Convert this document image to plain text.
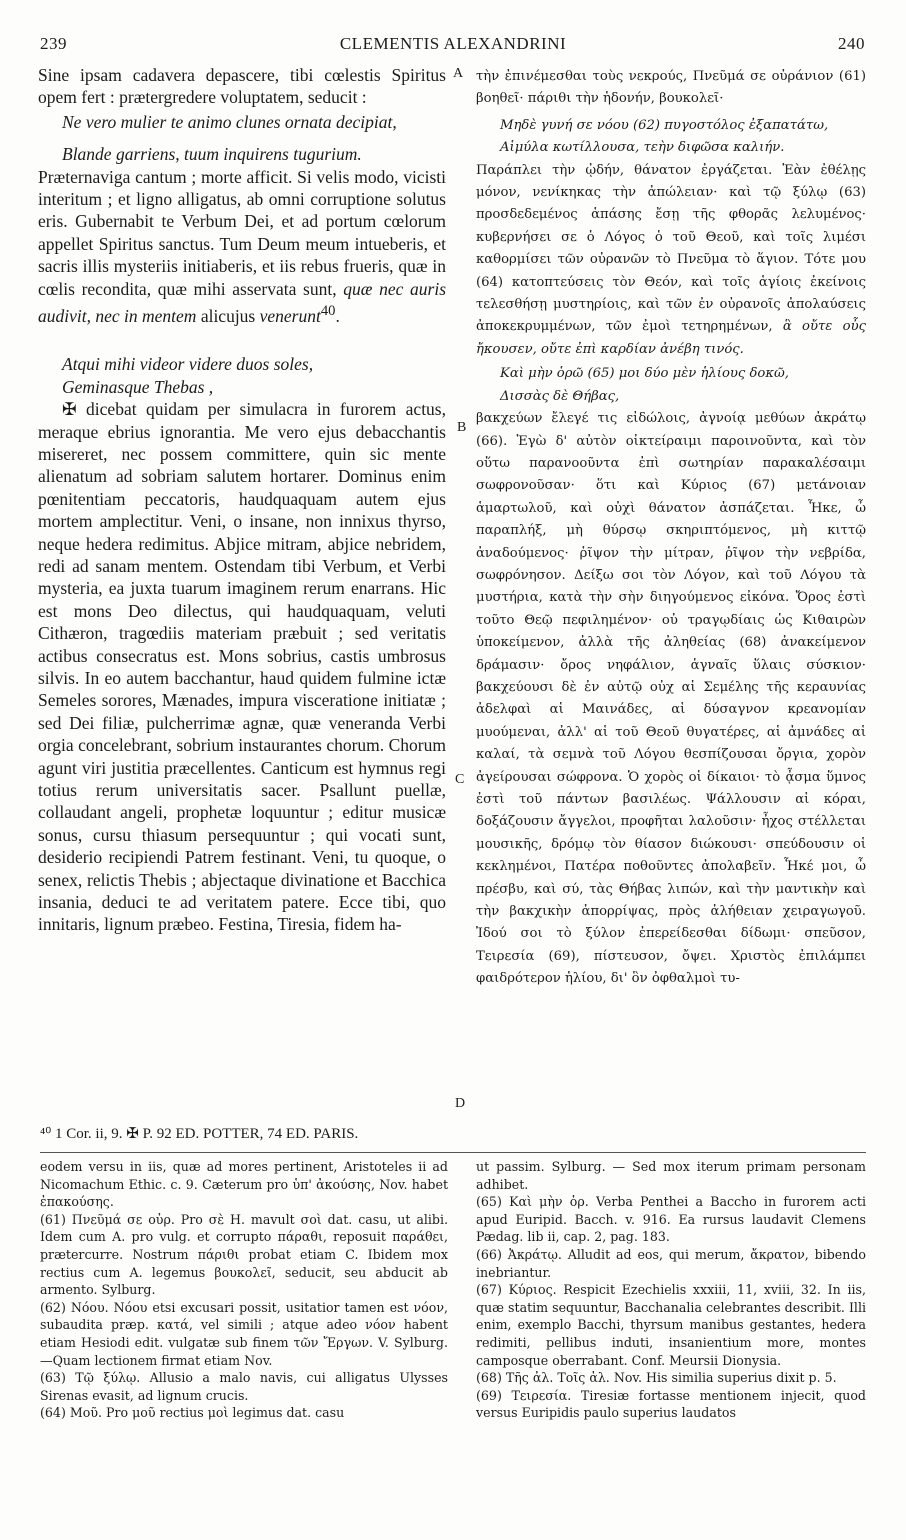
239	CLEMENTIS ALEXANDRINI	240

Sine ipsam cadavera depascere, tibi cœlestis Spiritus opem fert : prætergredere voluptatem, seducit :

Ne vero mulier te animo clunes ornata decipiat,

Blande garriens, tuum inquirens tugurium.

Præternaviga cantum ; morte afficit. Si velis modo, vicisti interitum ; et ligno alligatus, ab omni corruptione solutus eris. Gubernabit te Verbum Dei, et ad portum cœlorum appellet Spiritus sanctus. Tum Deum meum intueberis, et sacris illis mysteriis initiaberis, et iis rebus frueris, quæ in cœlis recondita, quæ mihi asservata sunt, quæ nec auris audivit, nec in mentem alicujus venerunt$^{40}$.

Atqui mihi videor videre duos soles,

Geminasque Thebas ,

✠ dicebat quidam per simulacra in furorem actus, meraque ebrius ignorantia. Me vero ejus debacchantis misereret, nec possem committere, quin sic mente alienatum ad sobriam salutem hortarer. Dominus enim pœnitentiam peccatoris, haudquaquam autem ejus mortem amplectitur. Veni, o insane, non innixus thyrso, neque hedera redimitus. Abjice mitram, abjice nebridem, redi ad sanam mentem. Ostendam tibi Verbum, et Verbi mysteria, ea juxta tuarum imaginem rerum enarrans. Hic est mons Deo dilectus, qui haudquaquam, veluti Cithæron, tragœdiis materiam præbuit ; sed veritatis actibus consecratus est. Mons sobrius, castis umbrosus silvis. In eo autem bacchantur, haud quidem fulmine ictæ Semeles sorores, Mænades, impura visceratione initiatæ ; sed Dei filiæ, pulcherrimæ agnæ, quæ veneranda Verbi orgia concelebrant, sobrium instaurantes chorum. Chorum agunt viri justitia præcellentes. Canticum est hymnus regi totius rerum universitatis sacer. Psallunt puellæ, collaudant angeli, prophetæ loquuntur ; editur musicæ sonus, cursu thiasum persequuntur ; qui vocati sunt, desiderio recipiendi Patrem festinant. Veni, tu quoque, o senex, relictis Thebis ; abjectaque divinatione et Bacchica insania, deduci te ad veritatem patere. Ecce tibi, quo innitaris, lignum præbeo. Festina, Tiresia, fidem ha-

τὴν ἐπινέμεσθαι τοὺς νεκρούς, Πνεῦμά σε οὐράνιον (61) βοηθεῖ· πάριθι τὴν ἡδονήν, βουκολεῖ·

Μηδὲ γυνή σε νόου (62) πυγοστόλος ἐξαπατάτω,

Αἱμύλα κωτίλλουσα, τεὴν διφῶσα καλιήν.

Παράπλει τὴν ᾠδήν, θάνατον ἐργάζεται. Ἐὰν ἐθέλῃς μόνον, νενίκηκας τὴν ἀπώλειαν· καὶ τῷ ξύλῳ (63) προσδεδεμένος ἁπάσης ἔσῃ τῆς φθορᾶς λελυμένος· κυβερνήσει σε ὁ Λόγος ὁ τοῦ Θεοῦ, καὶ τοῖς λιμέσι καθορμίσει τῶν οὐρανῶν τὸ Πνεῦμα τὸ ἅγιον. Τότε μου (64) κατοπτεύσεις τὸν Θεόν, καὶ τοῖς ἁγίοις ἐκείνοις τελεσθήσῃ μυστηρίοις, καὶ τῶν ἐν οὐρανοῖς ἀπολαύσεις ἀποκεκρυμμένων, τῶν ἐμοὶ τετηρημένων, ἃ οὔτε οὖς ἤκουσεν, οὔτε ἐπὶ καρδίαν ἀνέβη τινός.

Καὶ μὴν ὁρῶ (65) μοι δύο μὲν ἡλίους δοκῶ,

Δισσὰς δὲ Θήβας,

βακχεύων ἔλεγέ τις εἰδώλοις, ἀγνοίᾳ μεθύων ἀκράτῳ (66). Ἐγὼ δ' αὐτὸν οἰκτείραιμι παροινοῦντα, καὶ τὸν οὕτω παρανοοῦντα ἐπὶ σωτηρίαν παρακαλέσαιμι σωφρονοῦσαν· ὅτι καὶ Κύριος (67) μετάνοιαν ἁμαρτωλοῦ, καὶ οὐχὶ θάνατον ἀσπάζεται. Ἧκε, ὦ παραπλήξ, μὴ θύρσῳ σκηριπτόμενος, μὴ κιττῷ ἀναδούμενος· ῥῖψον τὴν μίτραν, ῥῖψον τὴν νεβρίδα, σωφρόνησον. Δείξω σοι τὸν Λόγον, καὶ τοῦ Λόγου τὰ μυστήρια, κατὰ τὴν σὴν διηγούμενος εἰκόνα. Ὄρος ἐστὶ τοῦτο Θεῷ πεφιλημένον· οὐ τραγῳδίαις ὡς Κιθαιρὼν ὑποκείμενον, ἀλλὰ τῆς ἀληθείας (68) ἀνακείμενον δράμασιν· ὄρος νηφάλιον, ἁγναῖς ὕλαις σύσκιον· βακχεύουσι δὲ ἐν αὐτῷ οὐχ αἱ Σεμέλης τῆς κεραυνίας ἀδελφαὶ αἱ Μαινάδες, αἱ δύσαγνον κρεανομίαν μυούμεναι, ἀλλ' αἱ τοῦ Θεοῦ θυγατέρες, αἱ ἀμνάδες αἱ καλαί, τὰ σεμνὰ τοῦ Λόγου θεσπίζουσαι ὄργια, χορὸν ἀγείρουσαι σώφρονα. Ὁ χορὸς οἱ δίκαιοι· τὸ ᾆσμα ὕμνος ἐστὶ τοῦ πάντων βασιλέως. Ψάλλουσιν αἱ κόραι, δοξάζουσιν ἄγγελοι, προφῆται λαλοῦσιν· ἦχος στέλλεται μουσικῆς, δρόμῳ τὸν θίασον διώκουσι· σπεύδουσιν οἱ κεκλημένοι, Πατέρα ποθοῦντες ἀπολαβεῖν. Ἧκέ μοι, ὦ πρέσβυ, καὶ σύ, τὰς Θήβας λιπών, καὶ τὴν μαντικὴν καὶ τὴν βακχικὴν ἀπορρίψας, πρὸς ἀλήθειαν χειραγωγοῦ. Ἰδού σοι τὸ ξύλον ἐπερείδεσθαι δίδωμι· σπεῦσον, Τειρεσία (69), πίστευσον, ὄψει. Χριστὸς ἐπιλάμπει φαιδρότερον ἡλίου, δι' ὃν ὀφθαλμοὶ τυ-

A
B
C
D
⁴⁰ 1 Cor. ii, 9. ✠ P. 92 ED. POTTER, 74 ED. PARIS.

eodem versu in iis, quæ ad mores pertinent, Aristoteles ii ad Nicomachum Ethic. c. 9. Cæterum pro ὑπ' ἀκούσης, Nov. habet ἐπακούσης.

(61) Πνεῦμά σε οὐρ. Pro σὲ H. mavult σοὶ dat. casu, ut alibi. Idem cum A. pro vulg. et corrupto πάραθι, reposuit παράθει, prætercurre. Nostrum πάριθι probat etiam C. Ibidem mox rectius cum A. legemus βουκολεῖ, seducit, seu abducit ab armento. Sylburg.

(62) Νόου. Νόου etsi excusari possit, usitatior tamen est νόον, subaudita præp. κατά, vel simili ; atque adeo νόον habent etiam Hesiodi edit. vulgatæ sub finem τῶν Ἔργων. V. Sylburg.—Quam lectionem firmat etiam Nov.

(63) Τῷ ξύλῳ. Allusio a malo navis, cui alligatus Ulysses Sirenas evasit, ad lignum crucis.

(64) Μοῦ. Pro μοῦ rectius μοὶ legimus dat. casu

ut passim. Sylburg. — Sed mox iterum primam personam adhibet.

(65) Καὶ μὴν ὁρ. Verba Penthei a Baccho in furorem acti apud Euripid. Bacch. v. 916. Ea rursus laudavit Clemens Pædag. lib ii, cap. 2, pag. 183.

(66) Ἀκράτῳ. Alludit ad eos, qui merum, ἄκρατον, bibendo inebriantur.

(67) Κύριος. Respicit Ezechielis xxxiii, 11, xviii, 32. In iis, quæ statim sequuntur, Bacchanalia celebrantes describit. Illi enim, exemplo Bacchi, thyrsum manibus gestantes, hedera redimiti, pellibus induti, insanientium more, montes camposque oberrabant. Conf. Meursii Dionysia.

(68) Τῆς ἀλ. Τοῖς ἀλ. Nov. His similia superius dixit p. 5.

(69) Τειρεσία. Tiresiæ fortasse mentionem injecit, quod versus Euripidis paulo superius laudatos
